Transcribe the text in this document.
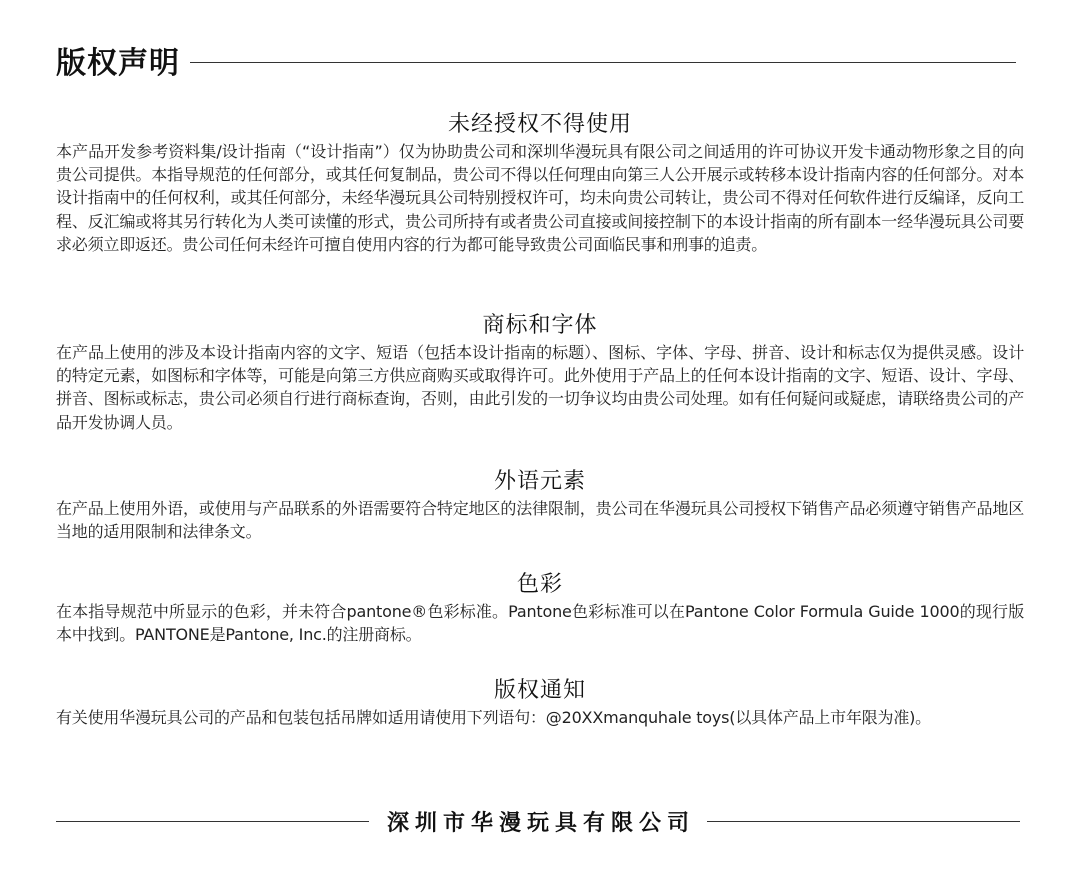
版权声明
未经授权不得使用
本产品开发参考资料集/设计指南（“设计指南”）仅为协助贵公司和深圳华漫玩具有限公司之间适用的许可协议开发卡通动物形象之目的向贵公司提供。本指导规范的任何部分，或其任何复制品，贵公司不得以任何理由向第三人公开展示或转移本设计指南内容的任何部分。对本设计指南中的任何权利，或其任何部分，未经华漫玩具公司特别授权许可，均未向贵公司转让，贵公司不得对任何软件进行反编译，反向工程、反汇编或将其另行转化为人类可读懂的形式，贵公司所持有或者贵公司直接或间接控制下的本设计指南的所有副本一经华漫玩具公司要求必须立即返还。贵公司任何未经许可擅自使用内容的行为都可能导致贵公司面临民事和刑事的追责。
商标和字体
在产品上使用的涉及本设计指南内容的文字、短语（包括本设计指南的标题）、图标、字体、字母、拼音、设计和标志仅为提供灵感。设计的特定元素，如图标和字体等，可能是向第三方供应商购买或取得许可。此外使用于产品上的任何本设计指南的文字、短语、设计、字母、拼音、图标或标志，贵公司必须自行进行商标查询，否则，由此引发的一切争议均由贵公司处理。如有任何疑问或疑虑，请联络贵公司的产品开发协调人员。
外语元素
在产品上使用外语，或使用与产品联系的外语需要符合特定地区的法律限制，贵公司在华漫玩具公司授权下销售产品必须遵守销售产品地区当地的适用限制和法律条文。
色彩
在本指导规范中所显示的色彩，并未符合pantone®色彩标准。Pantone色彩标准可以在Pantone Color Formula Guide 1000的现行版本中找到。PANTONE是Pantone, Inc.的注册商标。
版权通知
有关使用华漫玩具公司的产品和包装包括吊牌如适用请使用下列语句：@20XXmanquhale toys(以具体产品上市年限为准)。
深圳市华漫玩具有限公司
